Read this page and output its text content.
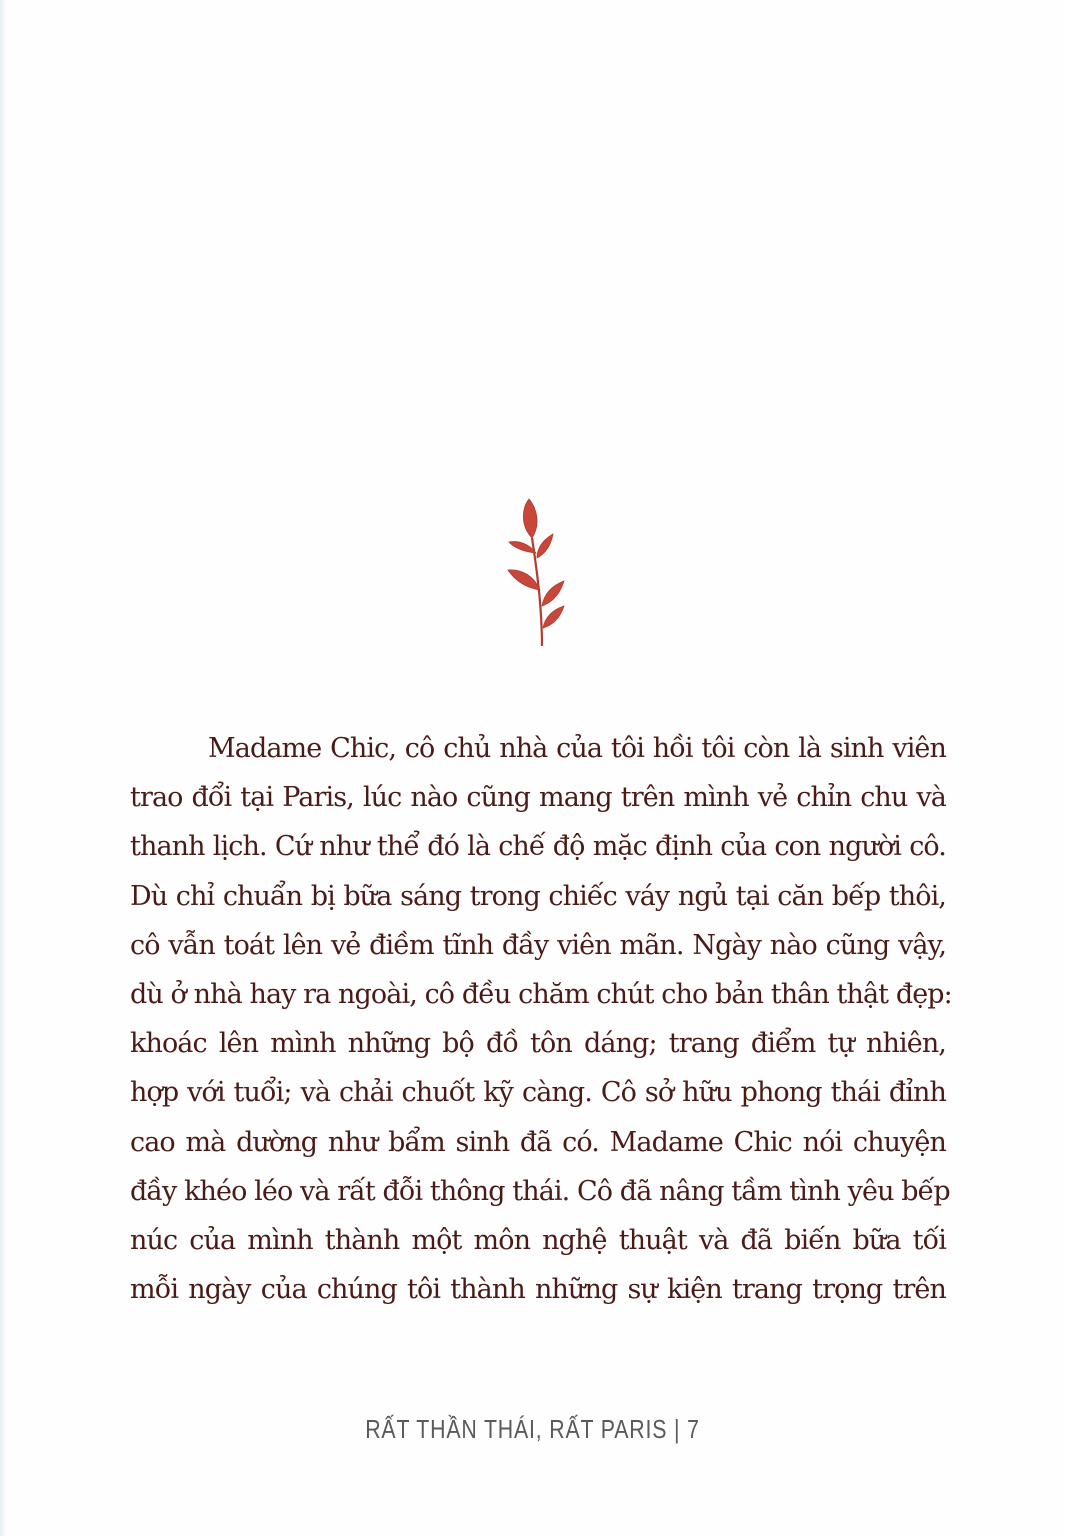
Madame Chic, cô chủ nhà của tôi hồi tôi còn là sinh viên
trao đổi tại Paris, lúc nào cũng mang trên mình vẻ chỉn chu và
thanh lịch. Cứ như thể đó là chế độ mặc định của con người cô.
Dù chỉ chuẩn bị bữa sáng trong chiếc váy ngủ tại căn bếp thôi,
cô vẫn toát lên vẻ điềm tĩnh đầy viên mãn. Ngày nào cũng vậy,
dù ở nhà hay ra ngoài, cô đều chăm chút cho bản thân thật đẹp:
khoác lên mình những bộ đồ tôn dáng; trang điểm tự nhiên,
hợp với tuổi; và chải chuốt kỹ càng. Cô sở hữu phong thái đỉnh
cao mà dường như bẩm sinh đã có. Madame Chic nói chuyện
đầy khéo léo và rất đỗi thông thái. Cô đã nâng tầm tình yêu bếp
núc của mình thành một môn nghệ thuật và đã biến bữa tối
mỗi ngày của chúng tôi thành những sự kiện trang trọng trên
RẤT THẦN THÁI, RẤT PARIS | 7
